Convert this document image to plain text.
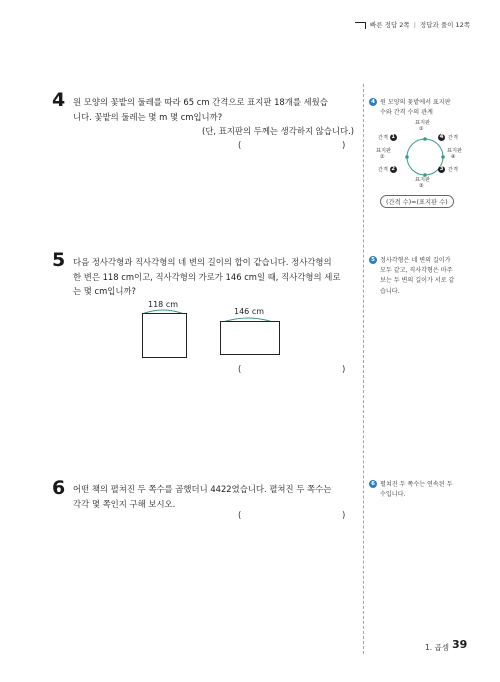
빠른 정답 2쪽 | 정답과 풀이 12쪽
4 원 모양의 꽃밭의 둘레를 따라 65 cm 간격으로 표지판 18개를 세웠습
니다. 꽃밭의 둘레는 몇 m 몇 cm입니까?
(단, 표지판의 두께는 생각하지 않습니다.)
(	)
5 다음 정사각형과 직사각형의 네 변의 길이의 합이 같습니다. 정사각형의
한 변은 118 cm이고, 직사각형의 가로가 146 cm일 때, 직사각형의 세로
는 몇 cm입니까?
118 cm
146 cm
(	)
6 어떤 책의 펼쳐진 두 쪽수를 곱했더니 4422였습니다. 펼쳐진 두 쪽수는
각각 몇 쪽인지 구해 보시오.
(	)
4 원 모양의 꽃밭에서 표지판
수와 간격 수의 관계
표지판
①
간격 1	4 간격
표지판
②
표지판
④
간격 2	3 간격
표지판
③
(간격 수)=(표지판 수)
5 정사각형은 네 변의 길이가
모두 같고, 직사각형은 마주
보는 두 변의 길이가 서로 같
습니다.
6 펼쳐진 두 쪽수는 연속된 두
수입니다.
1. 곱셈 39
